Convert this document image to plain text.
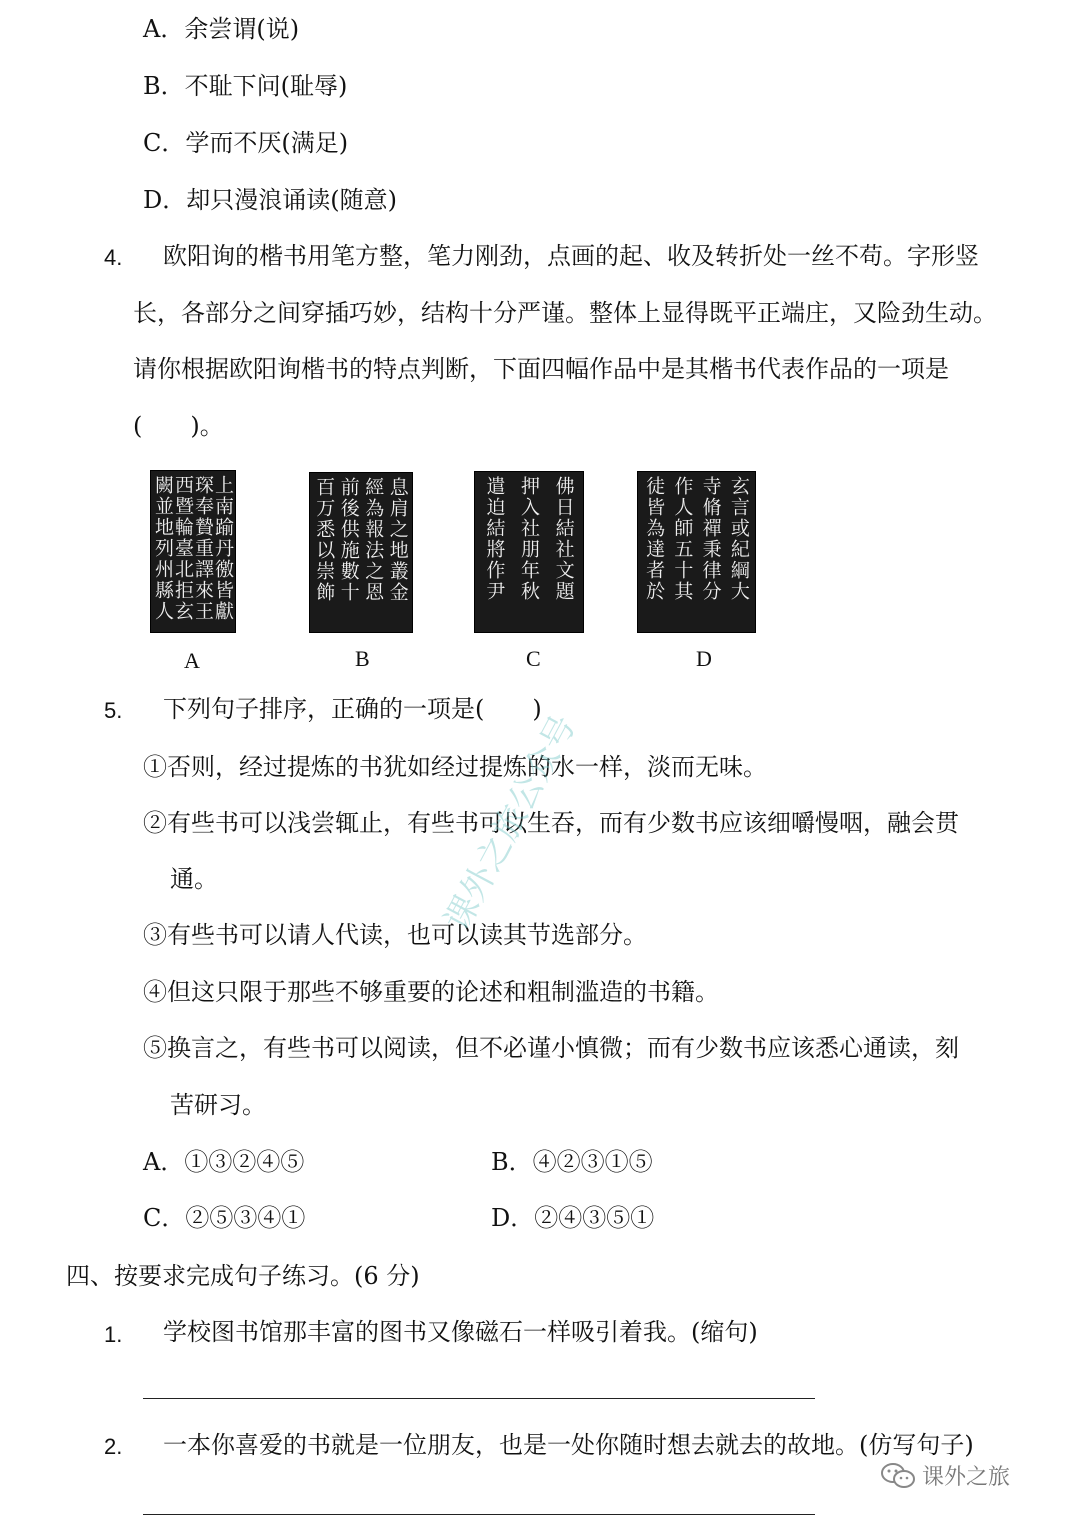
A．余尝谓(说)
B．不耻下问(耻辱)
C．学而不厌(满足)
D．却只漫浪诵读(随意)
4. 欧阳询的楷书用笔方整，笔力刚劲，点画的起、收及转折处一丝不苟。字形竖
长，各部分之间穿插巧妙，结构十分严谨。整体上显得既平正端庄，又险劲生动。
请你根据欧阳询楷书的特点判断，下面四幅作品中是其楷书代表作品的一项是
(　　)。
上南踰丹徼皆獻
琛奉贄重譯來王
西暨輪臺北拒玄
闕並地列州縣人	息肩之地叢金
經為報法之恩
前後供施數十
百万悉以崇飾	佛日結社文題
押入社朋年秋
遣迫結將作尹	玄言或紀綱大
寺脩禪秉律分
作人師五十其
徒皆為達者於
A	B	C	D
5. 下列句子排序，正确的一项是(　　)
①否则，经过提炼的书犹如经过提炼的水一样，淡而无味。
②有些书可以浅尝辄止，有些书可以生吞，而有少数书应该细嚼慢咽，融会贯
通。
③有些书可以请人代读，也可以读其节选部分。
④但这只限于那些不够重要的论述和粗制滥造的书籍。
⑤换言之，有些书可以阅读，但不必谨小慎微；而有少数书应该悉心通读，刻
苦研习。
A．①③②④⑤	B．④②③①⑤
C．②⑤③④①	D．②④③⑤①
四、按要求完成句子练习。(6 分)
1. 学校图书馆那丰富的图书又像磁石一样吸引着我。(缩句)
2. 一本你喜爱的书就是一位朋友，也是一处你随时想去就去的故地。(仿写句子)
课外之旅公众号
课外之旅
